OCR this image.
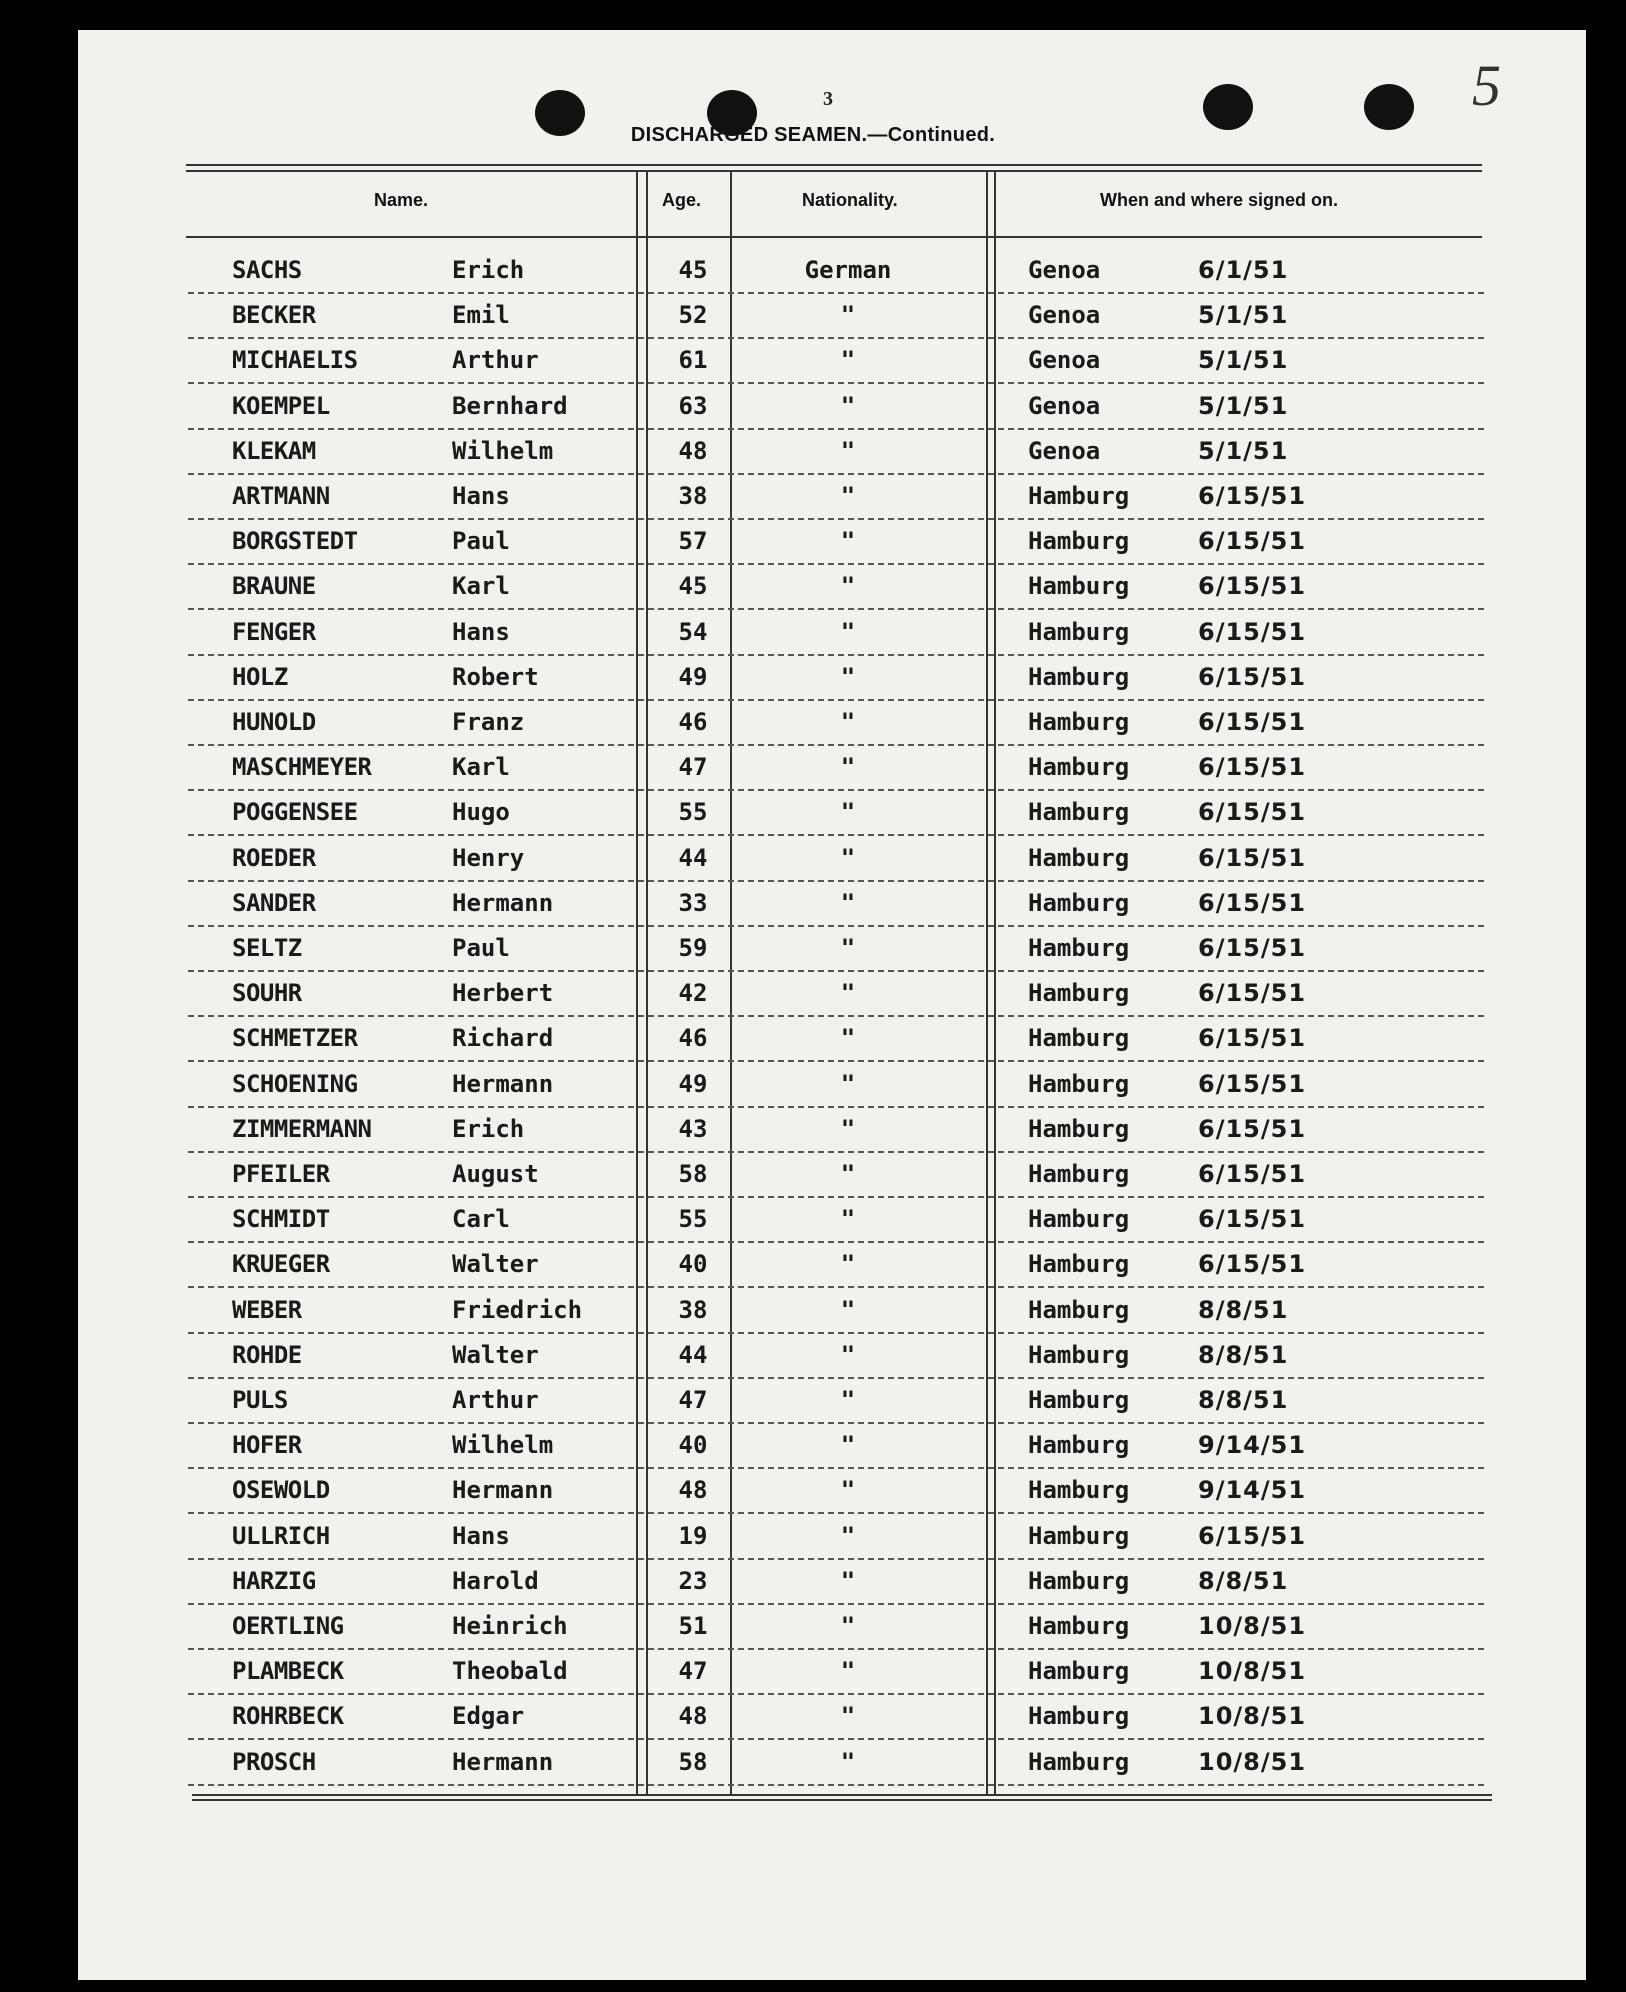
3	5
DISCHARGED SEAMEN.—Continued.
Name.	Age.	Nationality.	When and where signed on.
SACHS	Erich	45	German	Genoa	6/1/51
BECKER	Emil	52	"	Genoa	5/1/51
MICHAELIS	Arthur	61	"	Genoa	5/1/51
KOEMPEL	Bernhard	63	"	Genoa	5/1/51
KLEKAM	Wilhelm	48	"	Genoa	5/1/51
ARTMANN	Hans	38	"	Hamburg	6/15/51
BORGSTEDT	Paul	57	"	Hamburg	6/15/51
BRAUNE	Karl	45	"	Hamburg	6/15/51
FENGER	Hans	54	"	Hamburg	6/15/51
HOLZ	Robert	49	"	Hamburg	6/15/51
HUNOLD	Franz	46	"	Hamburg	6/15/51
MASCHMEYER	Karl	47	"	Hamburg	6/15/51
POGGENSEE	Hugo	55	"	Hamburg	6/15/51
ROEDER	Henry	44	"	Hamburg	6/15/51
SANDER	Hermann	33	"	Hamburg	6/15/51
SELTZ	Paul	59	"	Hamburg	6/15/51
SOUHR	Herbert	42	"	Hamburg	6/15/51
SCHMETZER	Richard	46	"	Hamburg	6/15/51
SCHOENING	Hermann	49	"	Hamburg	6/15/51
ZIMMERMANN	Erich	43	"	Hamburg	6/15/51
PFEILER	August	58	"	Hamburg	6/15/51
SCHMIDT	Carl	55	"	Hamburg	6/15/51
KRUEGER	Walter	40	"	Hamburg	6/15/51
WEBER	Friedrich	38	"	Hamburg	8/8/51
ROHDE	Walter	44	"	Hamburg	8/8/51
PULS	Arthur	47	"	Hamburg	8/8/51
HOFER	Wilhelm	40	"	Hamburg	9/14/51
OSEWOLD	Hermann	48	"	Hamburg	9/14/51
ULLRICH	Hans	19	"	Hamburg	6/15/51
HARZIG	Harold	23	"	Hamburg	8/8/51
OERTLING	Heinrich	51	"	Hamburg	10/8/51
PLAMBECK	Theobald	47	"	Hamburg	10/8/51
ROHRBECK	Edgar	48	"	Hamburg	10/8/51
PROSCH	Hermann	58	"	Hamburg	10/8/51
